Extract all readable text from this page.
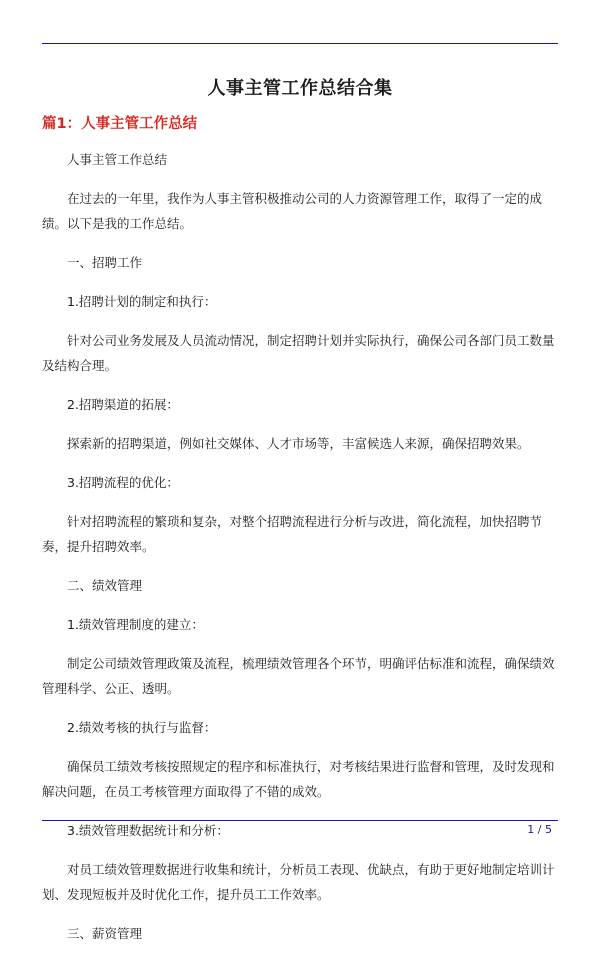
人事主管工作总结合集
篇1：人事主管工作总结

人事主管工作总结

在过去的一年里，我作为人事主管积极推动公司的人力资源管理工作，取得了一定的成绩。以下是我的工作总结。

一、招聘工作

1.招聘计划的制定和执行：

针对公司业务发展及人员流动情况，制定招聘计划并实际执行，确保公司各部门员工数量及结构合理。

2.招聘渠道的拓展：

探索新的招聘渠道，例如社交媒体、人才市场等，丰富候选人来源，确保招聘效果。

3.招聘流程的优化：

针对招聘流程的繁琐和复杂，对整个招聘流程进行分析与改进，简化流程，加快招聘节奏，提升招聘效率。

二、绩效管理

1.绩效管理制度的建立：

制定公司绩效管理政策及流程，梳理绩效管理各个环节，明确评估标准和流程，确保绩效管理科学、公正、透明。

2.绩效考核的执行与监督：

确保员工绩效考核按照规定的程序和标准执行，对考核结果进行监督和管理，及时发现和解决问题，在员工考核管理方面取得了不错的成效。

3.绩效管理数据统计和分析：

对员工绩效管理数据进行收集和统计，分析员工表现、优缺点，有助于更好地制定培训计划、发现短板并及时优化工作，提升员工工作效率。

三、薪资管理

1 / 5
